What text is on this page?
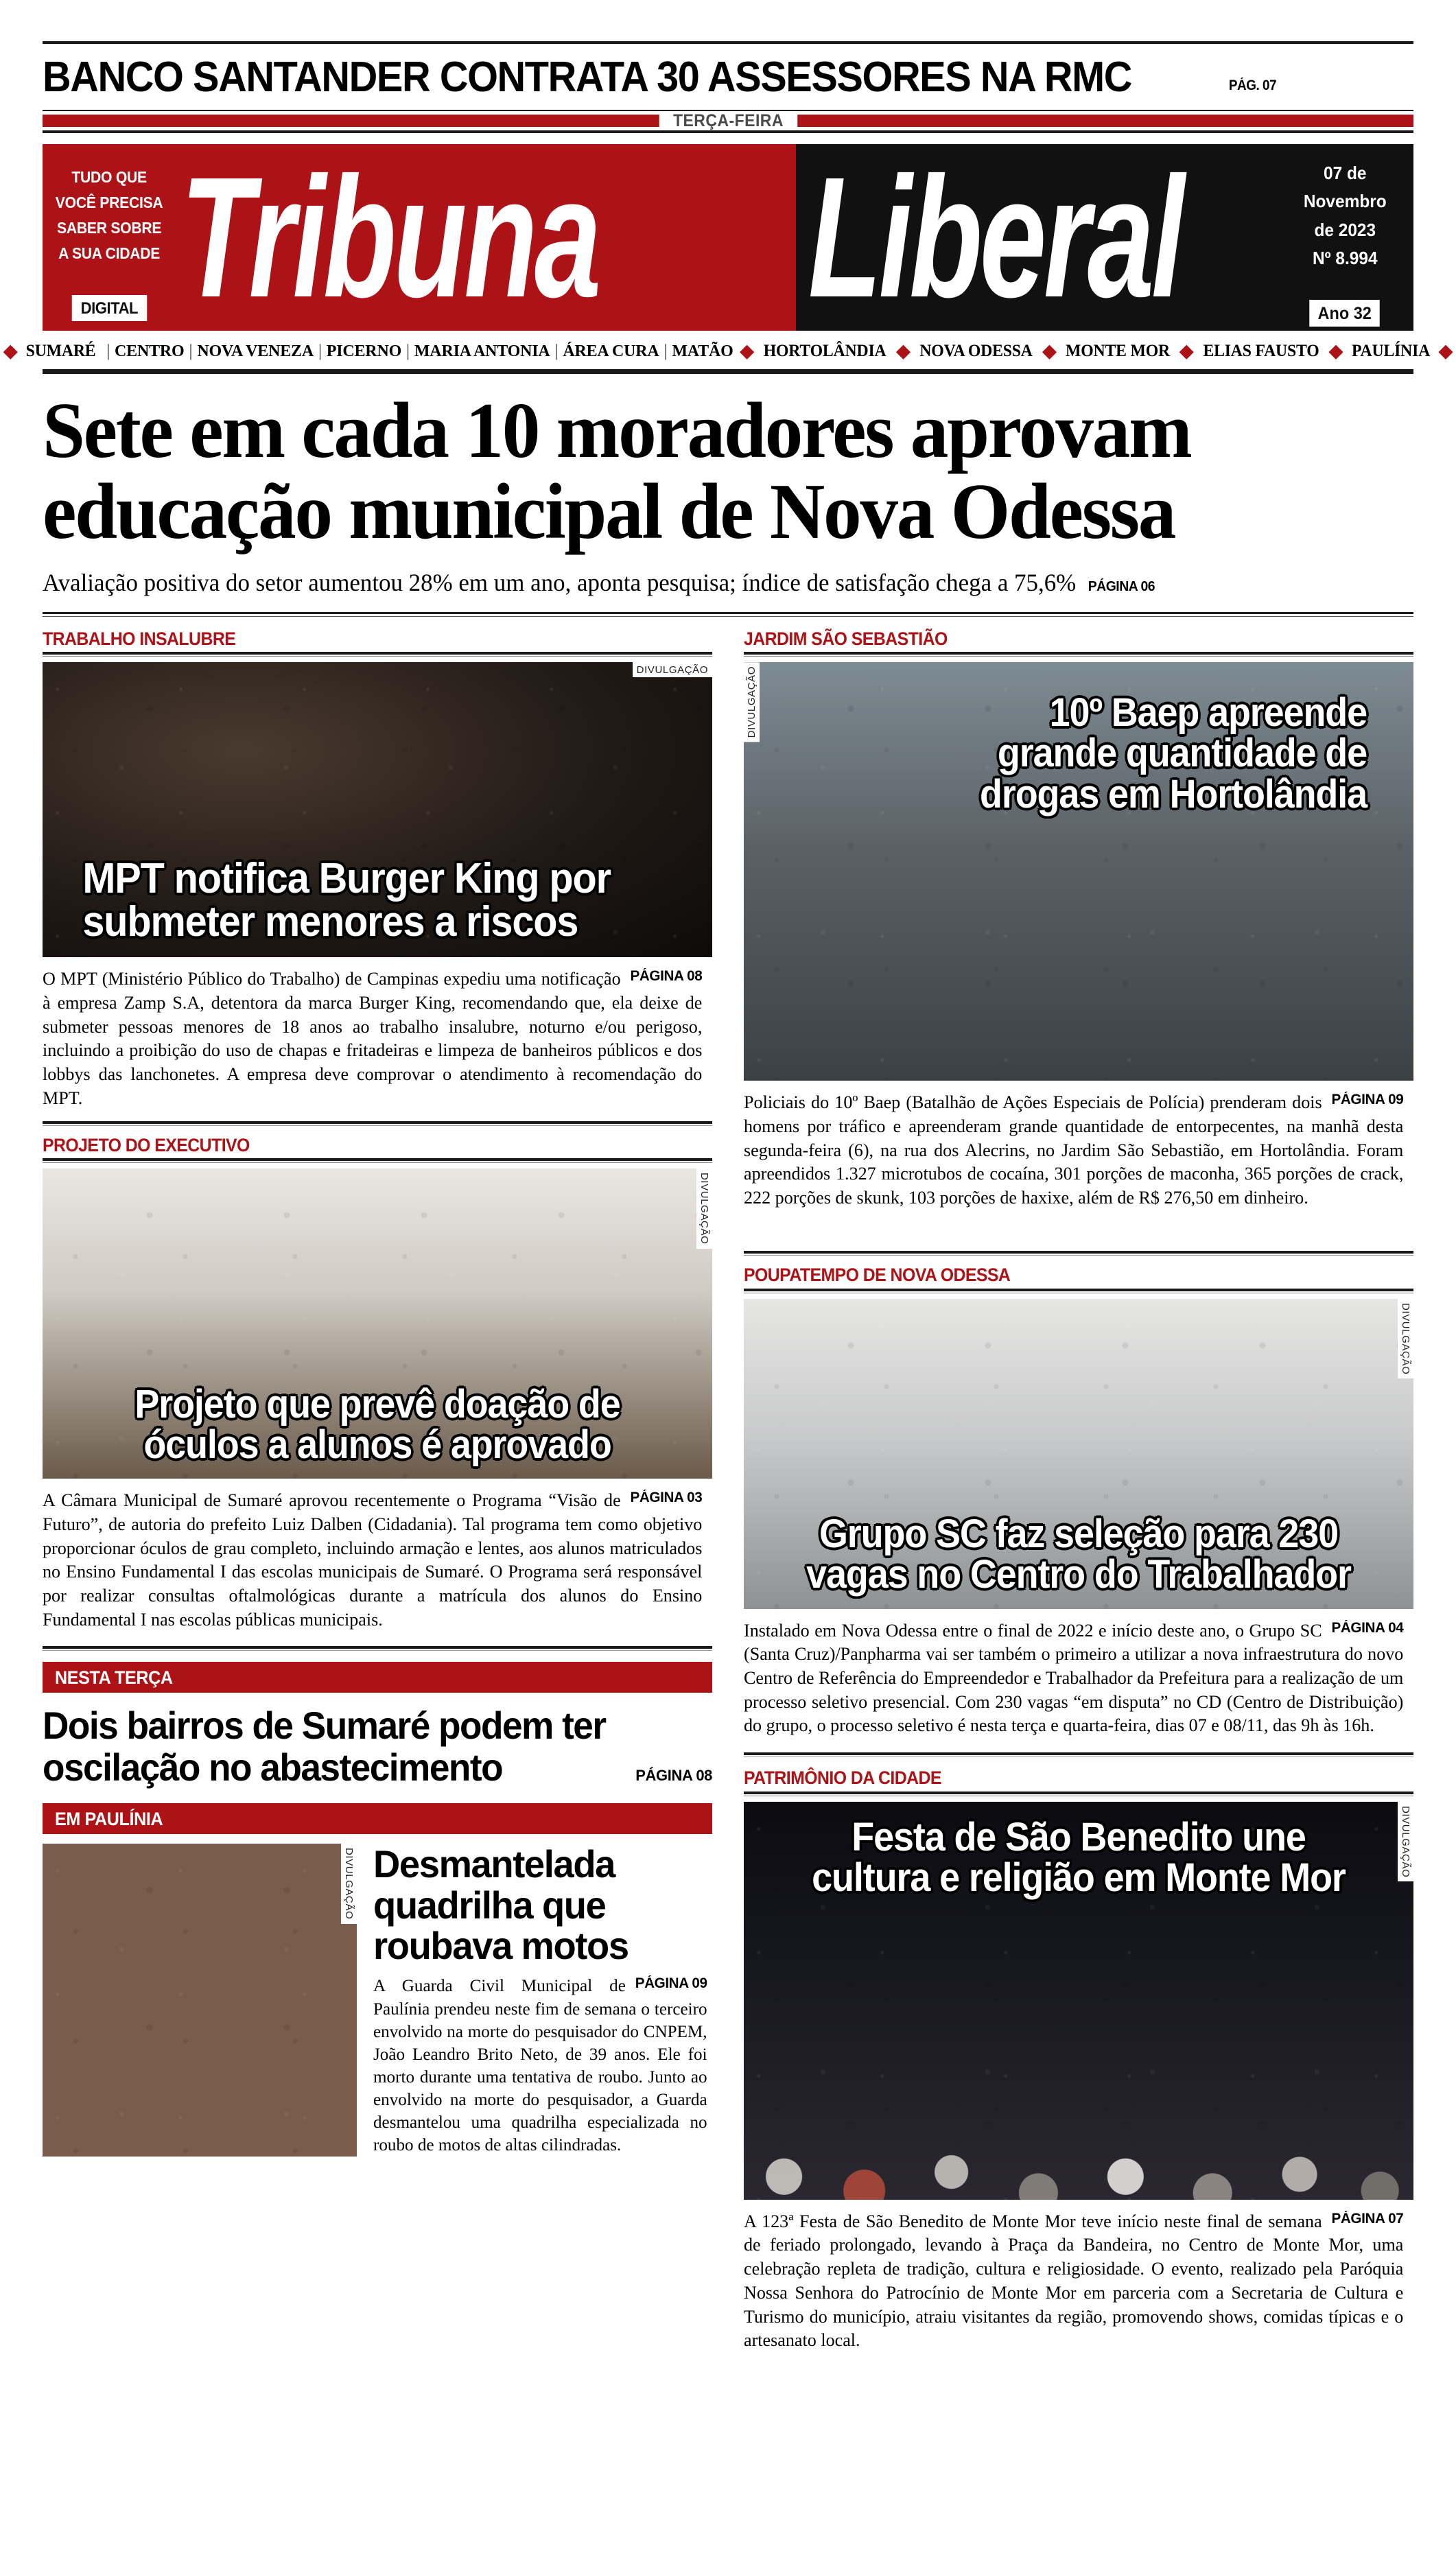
BANCO SANTANDER CONTRATA 30 ASSESSORES NA RMC	PÁG. 07
TERÇA-FEIRA
TUDO QUE
VOCÊ PRECISA
SABER SOBRE
A SUA CIDADE
DIGITAL Tribuna Liberal	07 de
Novembro
de 2023
Nº 8.994
Ano 32
◆ SUMARÉ | CENTRO | NOVA VENEZA | PICERNO | MARIA ANTONIA | ÁREA CURA | MATÃO ◆ HORTOLÂNDIA ◆ NOVA ODESSA ◆ MONTE MOR ◆ ELIAS FAUSTO ◆ PAULÍNIA ◆
Sete em cada 10 moradores aprovam
educação municipal de Nova Odessa
Avaliação positiva do setor aumentou 28% em um ano, aponta pesquisa; índice de satisfação chega a 75,6% PÁGINA 06
TRABALHO INSALUBRE
DIVULGAÇÃO
MPT notifica Burger King por
submeter menores a riscos
PÁGINA 08
O MPT (Ministério Público do Trabalho) de Campinas expediu uma notificação à empresa Zamp S.A, detentora da marca Burger King, recomendando que, ela deixe de submeter pessoas menores de 18 anos ao trabalho insalubre, noturno e/ou perigoso, incluindo a proibição do uso de chapas e fritadeiras e limpeza de banheiros públicos e dos lobbys das lanchonetes. A empresa deve comprovar o atendimento à recomendação do MPT.
PROJETO DO EXECUTIVO
DIVULGAÇÃO
Projeto que prevê doação de
óculos a alunos é aprovado
PÁGINA 03
A Câmara Municipal de Sumaré aprovou recentemente o Programa “Visão de Futuro”, de autoria do prefeito Luiz Dalben (Cidadania). Tal programa tem como objetivo proporcionar óculos de grau completo, incluindo armação e lentes, aos alunos matriculados no Ensino Fundamental I das escolas municipais de Sumaré. O Programa será responsável por realizar consultas oftalmológicas durante a matrícula dos alunos do Ensino Fundamental I nas escolas públicas municipais.
NESTA TERÇA
Dois bairros de Sumaré podem ter
oscilação no abastecimento	PÁGINA 08
EM PAULÍNIA
DIVULGAÇÃO Desmantelada
quadrilha que
roubava motos
PÁGINA 09
A Guarda Civil Municipal de Paulínia prendeu neste fim de semana o terceiro envolvido na morte do pesquisador do CNPEM, João Leandro Brito Neto, de 39 anos. Ele foi morto durante uma tentativa de roubo. Junto ao envolvido na morte do pesquisador, a Guarda desmantelou uma quadrilha especializada no roubo de motos de altas cilindradas.
JARDIM SÃO SEBASTIÃO
DIVULGAÇÃO	10º Baep apreende
grande quantidade de
drogas em Hortolândia
PÁGINA 09
Policiais do 10º Baep (Batalhão de Ações Especiais de Polícia) prenderam dois homens por tráfico e apreenderam grande quantidade de entorpecentes, na manhã desta segunda-feira (6), na rua dos Alecrins, no Jardim São Sebastião, em Hortolândia. Foram apreendidos 1.327 microtubos de cocaína, 301 porções de maconha, 365 porções de crack, 222 porções de skunk, 103 porções de haxixe, além de R$ 276,50 em dinheiro.
POUPATEMPO DE NOVA ODESSA
DIVULGAÇÃO
Grupo SC faz seleção para 230
vagas no Centro do Trabalhador
PÁGINA 04
Instalado em Nova Odessa entre o final de 2022 e início deste ano, o Grupo SC (Santa Cruz)/Panpharma vai ser também o primeiro a utilizar a nova infraestrutura do novo Centro de Referência do Empreendedor e Trabalhador da Prefeitura para a realização de um processo seletivo presencial. Com 230 vagas “em disputa” no CD (Centro de Distribuição) do grupo, o processo seletivo é nesta terça e quarta-feira, dias 07 e 08/11, das 9h às 16h.
PATRIMÔNIO DA CIDADE
DIVULGAÇÃO
Festa de São Benedito une
cultura e religião em Monte Mor
PÁGINA 07
A 123ª Festa de São Benedito de Monte Mor teve início neste final de semana de feriado prolongado, levando à Praça da Bandeira, no Centro de Monte Mor, uma celebração repleta de tradição, cultura e religiosidade. O evento, realizado pela Paróquia Nossa Senhora do Patrocínio de Monte Mor em parceria com a Secretaria de Cultura e Turismo do município, atraiu visitantes da região, promovendo shows, comidas típicas e o artesanato local.
